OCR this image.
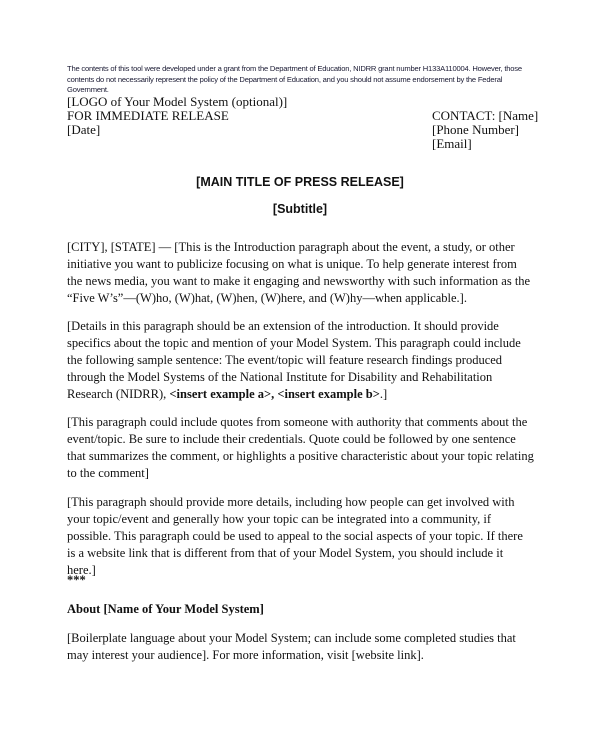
The contents of this tool were developed under a grant from the Department of Education, NIDRR grant number H133A110004. However, those contents do not necessarily represent the policy of the Department of Education, and you should not assume endorsement by the Federal Government.
[LOGO of Your Model System (optional)]
FOR IMMEDIATE RELEASE
[Date]
CONTACT: [Name]
[Phone Number]
[Email]
[MAIN TITLE OF PRESS RELEASE]
[Subtitle]
[CITY], [STATE] — [This is the Introduction paragraph about the event, a study, or other initiative you want to publicize focusing on what is unique. To help generate interest from the news media, you want to make it engaging and newsworthy with such information as the “Five W’s”—(W)ho, (W)hat, (W)hen, (W)here, and (W)hy—when applicable.].
[Details in this paragraph should be an extension of the introduction. It should provide specifics about the topic and mention of your Model System. This paragraph could include the following sample sentence: The event/topic will feature research findings produced through the Model Systems of the National Institute for Disability and Rehabilitation Research (NIDRR), <insert example a>, <insert example b>.]
[This paragraph could include quotes from someone with authority that comments about the event/topic. Be sure to include their credentials. Quote could be followed by one sentence that summarizes the comment, or highlights a positive characteristic about your topic relating to the comment]
[This paragraph should provide more details, including how people can get involved with your topic/event and generally how your topic can be integrated into a community, if possible. This paragraph could be used to appeal to the social aspects of your topic. If there is a website link that is different from that of your Model System, you should include it here.]
***
About [Name of Your Model System]
[Boilerplate language about your Model System; can include some completed studies that may interest your audience]. For more information, visit [website link].
